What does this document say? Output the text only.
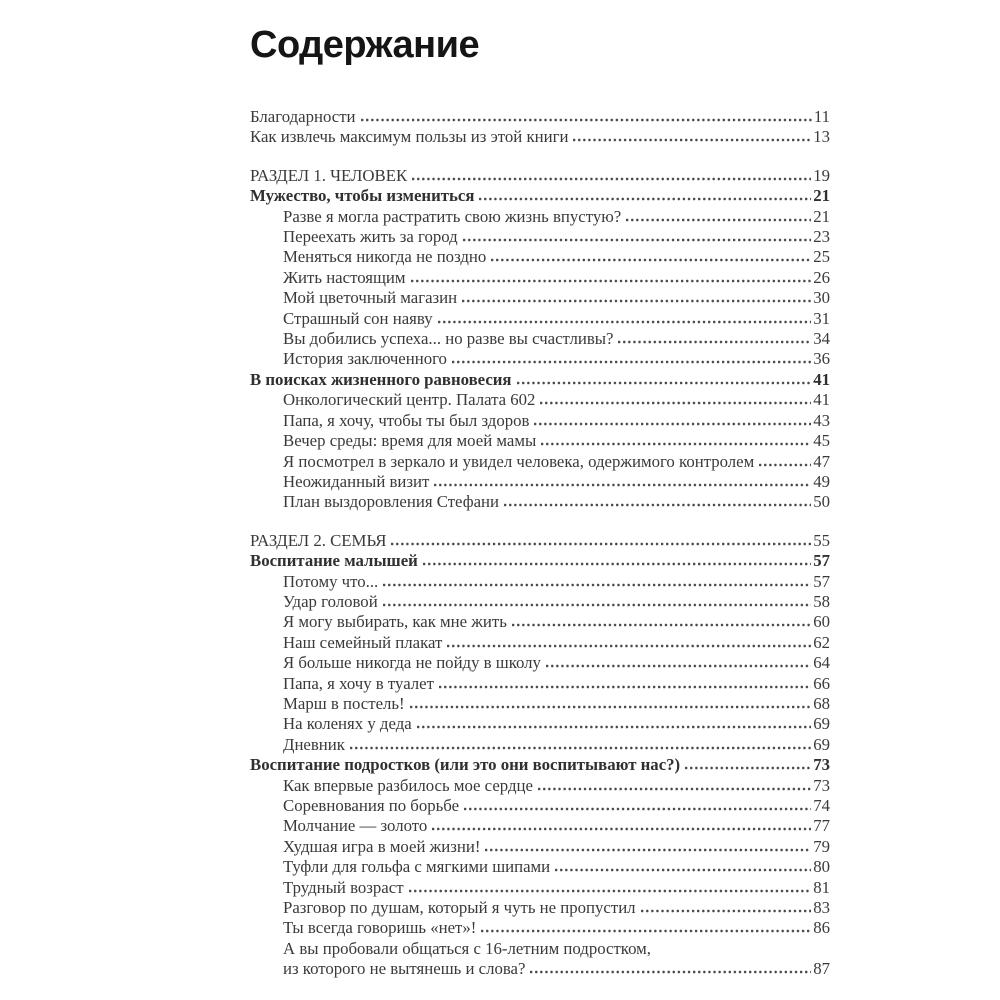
Содержание
Благодарности	11
Как извлечь максимум пользы из этой книги	13
РАЗДЕЛ 1. ЧЕЛОВЕК	19
Мужество, чтобы измениться	21
Разве я могла растратить свою жизнь впустую?	21
Переехать жить за город	23
Меняться никогда не поздно	25
Жить настоящим	26
Мой цветочный магазин	30
Страшный сон наяву	31
Вы добились успеха... но разве вы счастливы?	34
История заключенного	36
В поисках жизненного равновесия	41
Онкологический центр. Палата 602	41
Папа, я хочу, чтобы ты был здоров	43
Вечер среды: время для моей мамы	45
Я посмотрел в зеркало и увидел человека, одержимого контролем	47
Неожиданный визит	49
План выздоровления Стефани	50
РАЗДЕЛ 2. СЕМЬЯ	55
Воспитание малышей	57
Потому что...	57
Удар головой	58
Я могу выбирать, как мне жить	60
Наш семейный плакат	62
Я больше никогда не пойду в школу	64
Папа, я хочу в туалет	66
Марш в постель!	68
На коленях у деда	69
Дневник	69
Воспитание подростков (или это они воспитывают нас?)	73
Как впервые разбилось мое сердце	73
Соревнования по борьбе	74
Молчание — золото	77
Худшая игра в моей жизни!	79
Туфли для гольфа с мягкими шипами	80
Трудный возраст	81
Разговор по душам, который я чуть не пропустил	83
Ты всегда говоришь «нет»!	86
А вы пробовали общаться с 16-летним подростком,
из которого не вытянешь и слова?	87
